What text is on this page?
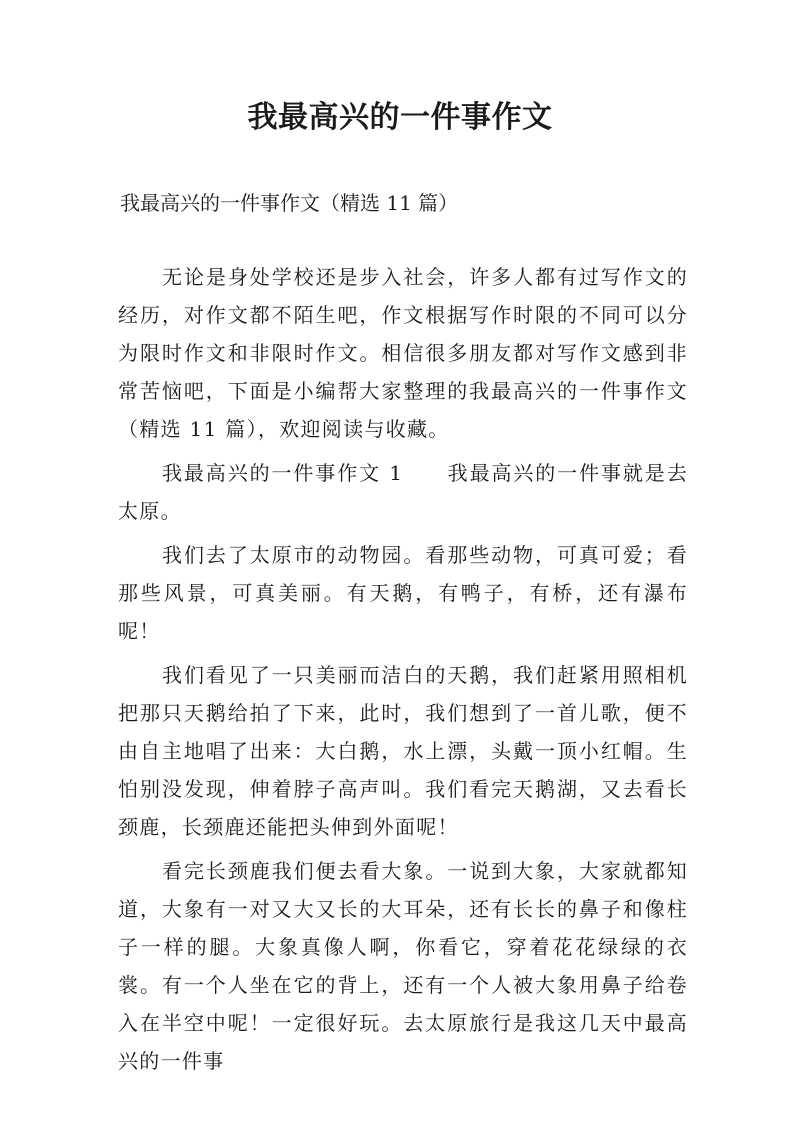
我最高兴的一件事作文

我最高兴的一件事作文（精选 11 篇）

无论是身处学校还是步入社会，许多人都有过写作文的经历，对作文都不陌生吧，作文根据写作时限的不同可以分为限时作文和非限时作文。相信很多朋友都对写作文感到非常苦恼吧，下面是小编帮大家整理的我最高兴的一件事作文（精选 11 篇），欢迎阅读与收藏。

我最高兴的一件事作文 1　　我最高兴的一件事就是去太原。

我们去了太原市的动物园。看那些动物，可真可爱；看那些风景，可真美丽。有天鹅，有鸭子，有桥，还有瀑布呢！

我们看见了一只美丽而洁白的天鹅，我们赶紧用照相机把那只天鹅给拍了下来，此时，我们想到了一首儿歌，便不由自主地唱了出来：大白鹅，水上漂，头戴一顶小红帽。生怕别没发现，伸着脖子高声叫。我们看完天鹅湖，又去看长颈鹿，长颈鹿还能把头伸到外面呢！

看完长颈鹿我们便去看大象。一说到大象，大家就都知道，大象有一对又大又长的大耳朵，还有长长的鼻子和像柱子一样的腿。大象真像人啊，你看它，穿着花花绿绿的衣裳。有一个人坐在它的背上，还有一个人被大象用鼻子给卷入在半空中呢！一定很好玩。去太原旅行是我这几天中最高兴的一件事
